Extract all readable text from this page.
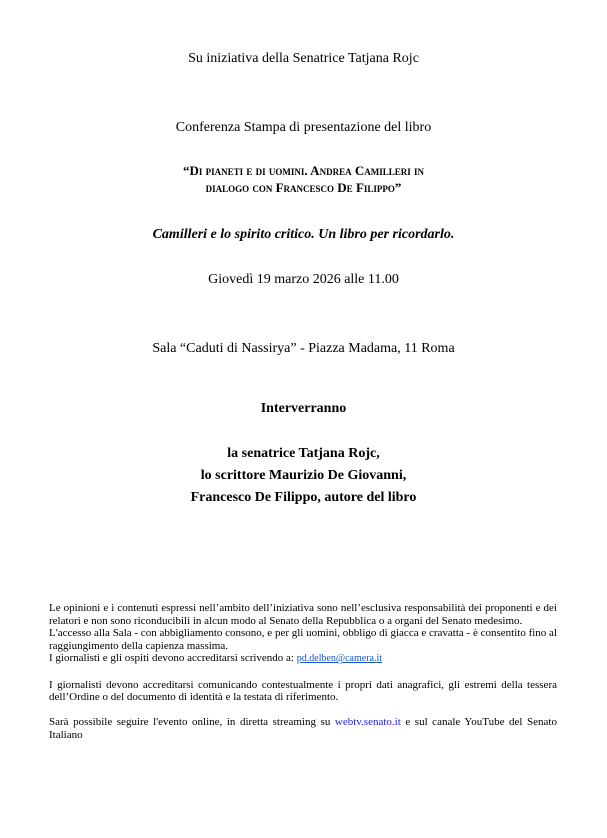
Su iniziativa della Senatrice Tatjana Rojc
Conferenza Stampa di presentazione del libro
“Di pianeti e di uomini. Andrea Camilleri in
dialogo con Francesco De Filippo”
Camilleri e lo spirito critico. Un libro per ricordarlo.
Giovedì 19 marzo 2026 alle 11.00
Sala “Caduti di Nassirya” - Piazza Madama, 11 Roma
Interverranno
la senatrice Tatjana Rojc,
lo scrittore Maurizio De Giovanni,
Francesco De Filippo, autore del libro

Le opinioni e i contenuti espressi nell’ambito dell’iniziativa sono nell’esclusiva responsabilità dei proponenti e dei relatori e non sono riconducibili in alcun modo al Senato della Repubblica o a organi del Senato medesimo.

L'accesso alla Sala - con abbigliamento consono, e per gli uomini, obbligo di giacca e cravatta - è consentito fino al raggiungimento della capienza massima.

I giornalisti e gli ospiti devono accreditarsi scrivendo a: pd.delben@camera.it

I giornalisti devono accreditarsi comunicando contestualmente i propri dati anagrafici, gli estremi della tessera dell’Ordine o del documento di identità e la testata di riferimento.

Sarà possibile seguire l'evento online, in diretta streaming su webtv.senato.it e sul canale YouTube del Senato Italiano
